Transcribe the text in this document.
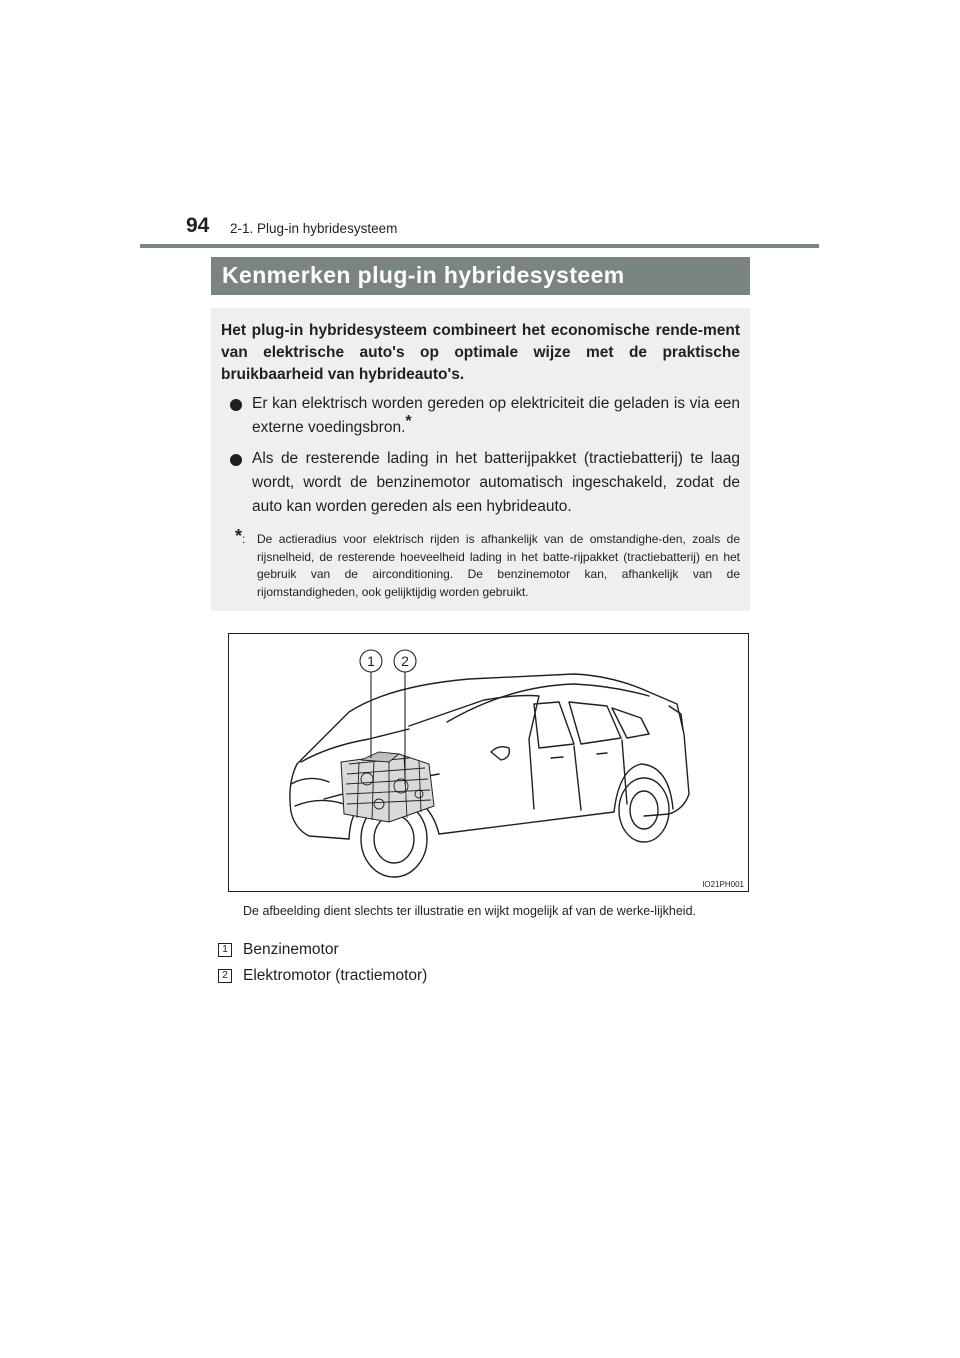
94 2-1. Plug-in hybridesysteem
Kenmerken plug-in hybridesysteem

Het plug-in hybridesysteem combineert het economische rende-ment van elektrische auto's op optimale wijze met de praktische bruikbaarheid van hybrideauto's.

Er kan elektrisch worden gereden op elektriciteit die geladen is via een externe voedingsbron.*
Als de resterende lading in het batterijpakket (tractiebatterij) te laag wordt, wordt de benzinemotor automatisch ingeschakeld, zodat de auto kan worden gereden als een hybrideauto.
*: De actieradius voor elektrisch rijden is afhankelijk van de omstandighe-den, zoals de rijsnelheid, de resterende hoeveelheid lading in het batte-rijpakket (tractiebatterij) en het gebruik van de airconditioning. De benzinemotor kan, afhankelijk van de rijomstandigheden, ook gelijktijdig worden gebruikt.
1 2
IO21PH001
De afbeelding dient slechts ter illustratie en wijkt mogelijk af van de werke-lijkheid.
1 Benzinemotor
2 Elektromotor (tractiemotor)
